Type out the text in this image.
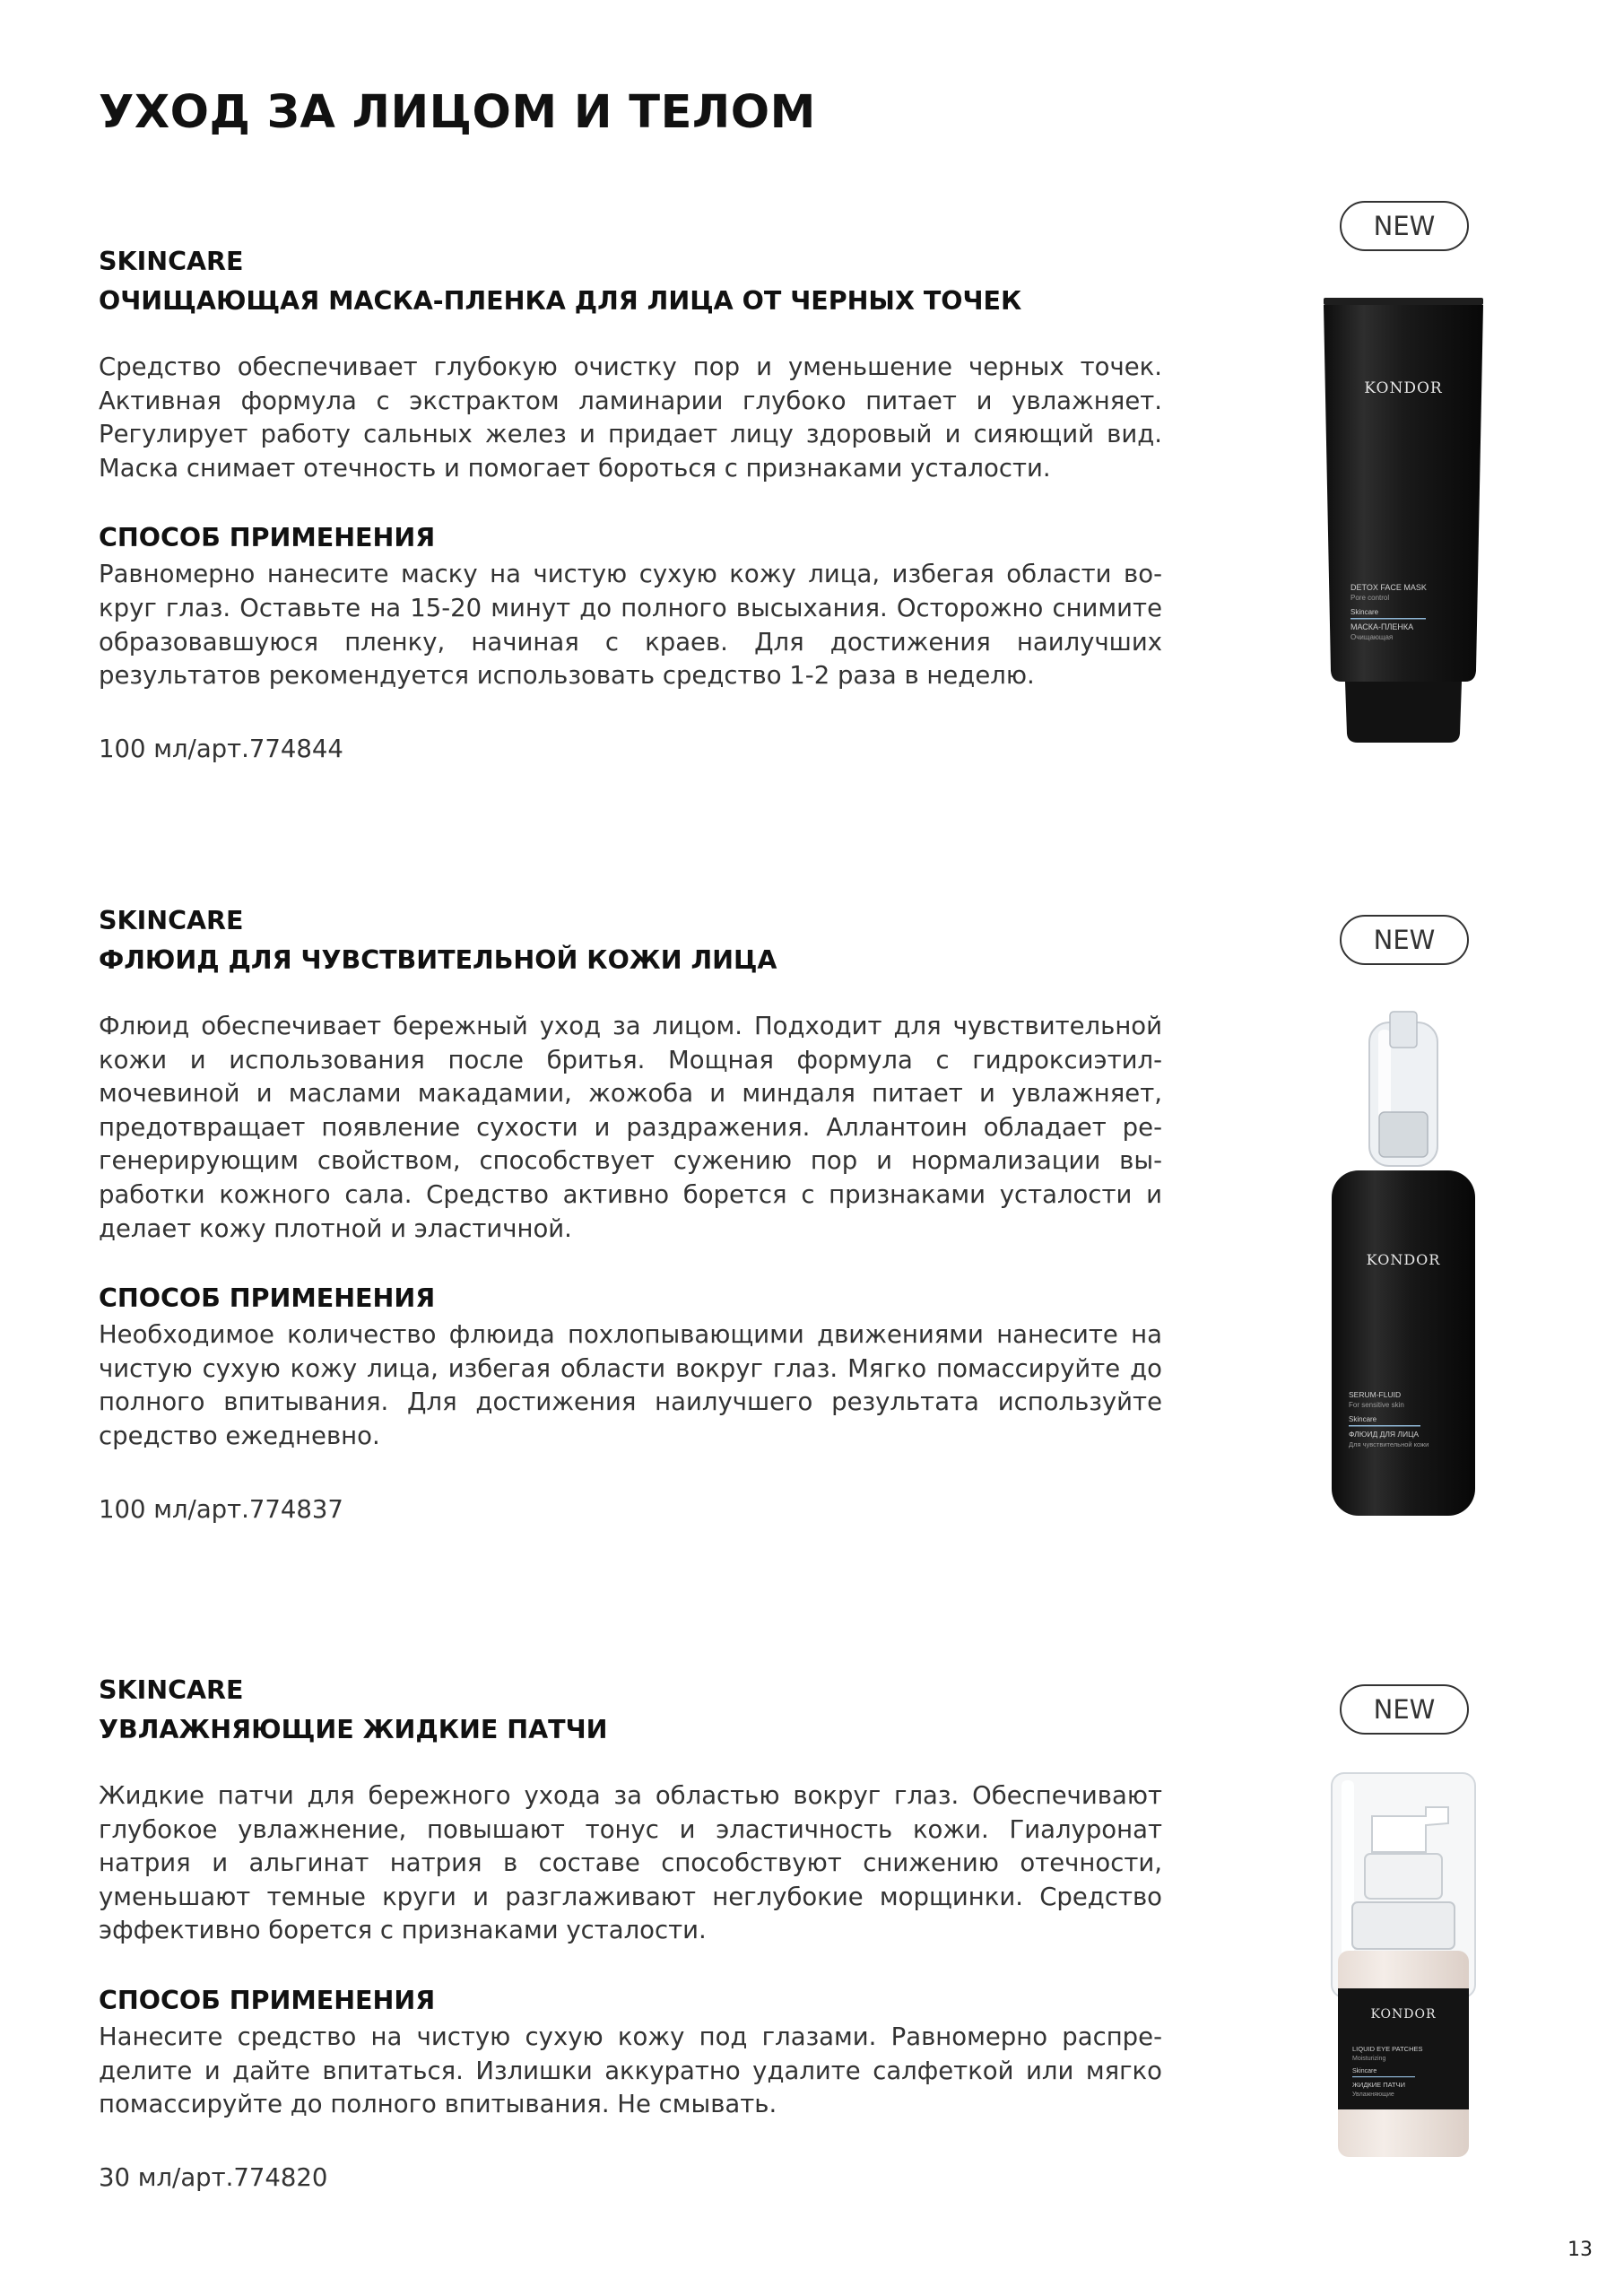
УХОД ЗА ЛИЦОМ И ТЕЛОМ
SKINCARE
ОЧИЩАЮЩАЯ МАСКА-ПЛЕНКА ДЛЯ ЛИЦА ОТ ЧЕРНЫХ ТОЧЕК

Средство обеспечивает глубокую очистку пор и уменьшение черных точек. Активная формула с экстрактом ламинарии глубоко питает и увлажняет. Регулирует работу сальных желез и придает лицу здоровый и сияющий вид. Маска снимает отечность и помогает бороться с признаками усталости.

СПОСОБ ПРИМЕНЕНИЯ

Равномерно нанесите маску на чистую сухую кожу лица, избегая области вокруг глаз. Оставьте на 15-20 минут до полного высыхания. Осторожно снимите образовавшуюся пленку, начиная с краев. Для достижения наилучших результатов рекомендуется использовать средство 1-2 раза в неделю.

100 мл/арт.774844

NEW
KONDOR
DETOX FACE MASK
Pore control
Skincare
МАСКА-ПЛЕНКА
Очищающая
SKINCARE
ФЛЮИД ДЛЯ ЧУВСТВИТЕЛЬНОЙ КОЖИ ЛИЦА

Флюид обеспечивает бережный уход за лицом. Подходит для чувствительной кожи и использования после бритья. Мощная формула с гидроксиэтилмочевиной и маслами макадамии, жожоба и миндаля питает и увлажняет, предотвращает появление сухости и раздражения. Аллантоин обладает регенерирующим свойством, способствует сужению пор и нормализации выработки кожного сала. Средство активно борется с признаками усталости и делает кожу плотной и эластичной.

СПОСОБ ПРИМЕНЕНИЯ

Необходимое количество флюида похлопывающими движениями нанесите на чистую сухую кожу лица, избегая области вокруг глаз. Мягко помассируйте до полного впитывания. Для достижения наилучшего результата используйте средство ежедневно.

100 мл/арт.774837

NEW
KONDOR
SERUM-FLUID
For sensitive skin
Skincare
ФЛЮИД ДЛЯ ЛИЦА
Для чувствительной кожи
SKINCARE
УВЛАЖНЯЮЩИЕ ЖИДКИЕ ПАТЧИ

Жидкие патчи для бережного ухода за областью вокруг глаз. Обеспечивают глубокое увлажнение, повышают тонус и эластичность кожи. Гиалуронат натрия и альгинат натрия в составе способствуют снижению отечности, уменьшают темные круги и разглаживают неглубокие морщинки. Средство эффективно борется с признаками усталости.

СПОСОБ ПРИМЕНЕНИЯ

Нанесите средство на чистую сухую кожу под глазами. Равномерно распределите и дайте впитаться. Излишки аккуратно удалите салфеткой или мягко помассируйте до полного впитывания. Не смывать.

30 мл/арт.774820

NEW
KONDOR
LIQUID EYE PATCHES
Moisturizing
Skincare
ЖИДКИЕ ПАТЧИ
Увлажняющие
13
